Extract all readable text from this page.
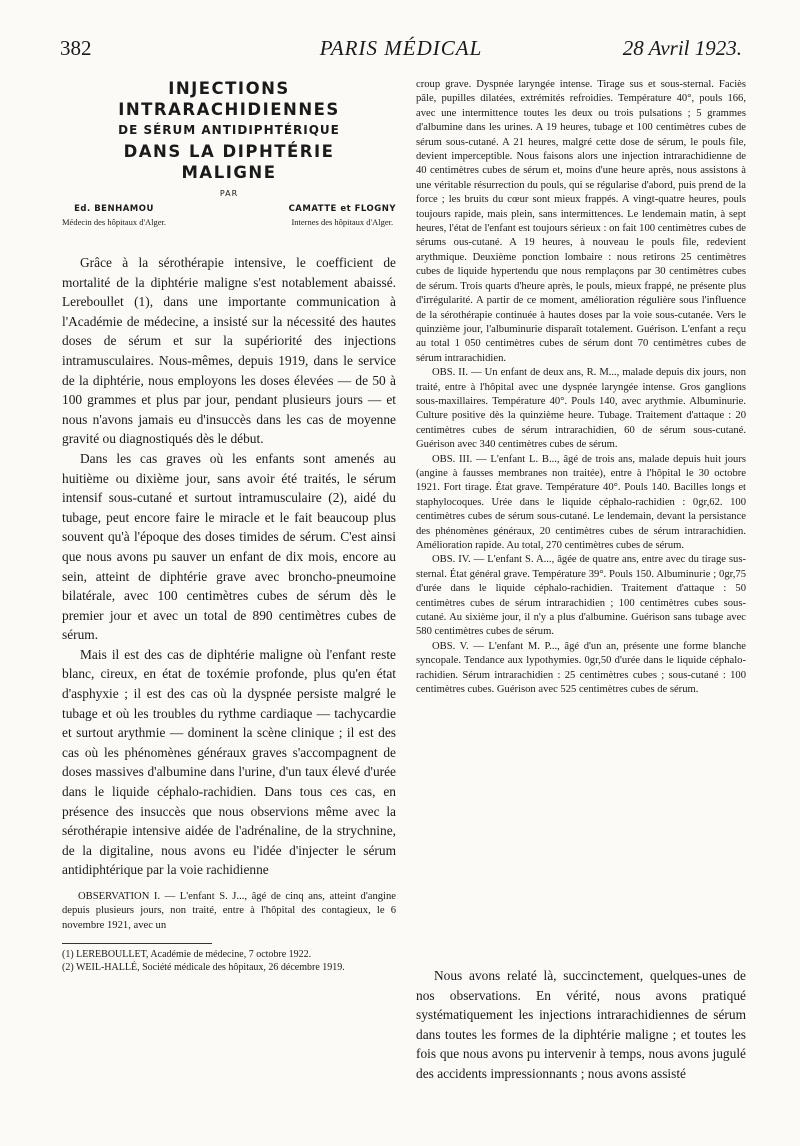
382	PARIS MÉDICAL	28 Avril 1923.
INJECTIONS
INTRARACHIDIENNES
DE SÉRUM ANTIDIPHTÉRIQUE
DANS LA DIPHTÉRIE
MALIGNE
PAR
Ed. BENHAMOU
Médecin des hôpitaux d'Alger.
CAMATTE et FLOGNY
Internes des hôpitaux d'Alger.

Grâce à la sérothérapie intensive, le coefficient de mortalité de la diphtérie maligne s'est notablement abaissé. Lereboullet (1), dans une importante communication à l'Académie de médecine, a insisté sur la nécessité des hautes doses de sérum et sur la supériorité des injections intramusculaires. Nous-mêmes, depuis 1919, dans le service de la diphtérie, nous employons les doses élevées — de 50 à 100 grammes et plus par jour, pendant plusieurs jours — et nous n'avons jamais eu d'insuccès dans les cas de moyenne gravité ou diagnostiqués dès le début.

Dans les cas graves où les enfants sont amenés au huitième ou dixième jour, sans avoir été traités, le sérum intensif sous-cutané et surtout intramusculaire (2), aidé du tubage, peut encore faire le miracle et le fait beaucoup plus souvent qu'à l'époque des doses timides de sérum. C'est ainsi que nous avons pu sauver un enfant de dix mois, encore au sein, atteint de diphtérie grave avec broncho-pneumoine bilatérale, avec 100 centimètres cubes de sérum dès le premier jour et avec un total de 890 centimètres cubes de sérum.

Mais il est des cas de diphtérie maligne où l'enfant reste blanc, cireux, en état de toxémie profonde, plus qu'en état d'asphyxie ; il est des cas où la dyspnée persiste malgré le tubage et où les troubles du rythme cardiaque — tachycardie et surtout arythmie — dominent la scène clinique ; il est des cas où les phénomènes généraux graves s'accompagnent de doses massives d'albumine dans l'urine, d'un taux élevé d'urée dans le liquide céphalo-rachidien. Dans tous ces cas, en présence des insuccès que nous observions même avec la sérothérapie intensive aidée de l'adrénaline, de la strychnine, de la digitaline, nous avons eu l'idée d'injecter le sérum antidiphtérique par la voie rachidienne

OBSERVATION I. — L'enfant S. J..., âgé de cinq ans, atteint d'angine depuis plusieurs jours, non traité, entre à l'hôpital des contagieux, le 6 novembre 1921, avec un

(1) LEREBOULLET, Académie de médecine, 7 octobre 1922.

(2) WEIL-HALLÉ, Société médicale des hôpitaux, 26 décembre 1919.

croup grave. Dyspnée laryngée intense. Tirage sus et sous-sternal. Faciès pâle, pupilles dilatées, extrémités refroidies. Température 40°, pouls 166, avec une intermittence toutes les deux ou trois pulsations ; 5 grammes d'albumine dans les urines. A 19 heures, tubage et 100 centimètres cubes de sérum sous-cutané. A 21 heures, malgré cette dose de sérum, le pouls file, devient imperceptible. Nous faisons alors une injection intrarachidienne de 40 centimètres cubes de sérum et, moins d'une heure après, nous assistons à une véritable résurrection du pouls, qui se régularise d'abord, puis prend de la force ; les bruits du cœur sont mieux frappés. A vingt-quatre heures, pouls toujours rapide, mais plein, sans intermittences. Le lendemain matin, à sept heures, l'état de l'enfant est toujours sérieux : on fait 100 centimètres cubes de sérums ous-cutané. A 19 heures, à nouveau le pouls file, redevient arythmique. Deuxième ponction lombaire : nous retirons 25 centimètres cubes de liquide hypertendu que nous remplaçons par 30 centimètres cubes de sérum. Trois quarts d'heure après, le pouls, mieux frappé, ne présente plus d'irrégularité. A partir de ce moment, amélioration régulière sous l'influence de la sérothérapie continuée à hautes doses par la voie sous-cutanée. Vers le quinzième jour, l'albuminurie disparaît totalement. Guérison. L'enfant a reçu au total 1 050 centimètres cubes de sérum dont 70 centimètres cubes de sérum intrarachidien.

OBS. II. — Un enfant de deux ans, R. M..., malade depuis dix jours, non traité, entre à l'hôpital avec une dyspnée laryngée intense. Gros ganglions sous-maxillaires. Température 40°. Pouls 140, avec arythmie. Albuminurie. Culture positive dès la quinzième heure. Tubage. Traitement d'attaque : 20 centimètres cubes de sérum intrarachidien, 60 de sérum sous-cutané. Guérison avec 340 centimètres cubes de sérum.

OBS. III. — L'enfant L. B..., âgé de trois ans, malade depuis huit jours (angine à fausses membranes non traitée), entre à l'hôpital le 30 octobre 1921. Fort tirage. État grave. Température 40°. Pouls 140. Bacilles longs et staphylocoques. Urée dans le liquide céphalo-rachidien : 0gr,62. 100 centimètres cubes de sérum sous-cutané. Le lendemain, devant la persistance des phénomènes généraux, 20 centimètres cubes de sérum intrarachidien. Amélioration rapide. Au total, 270 centimètres cubes de sérum.

OBS. IV. — L'enfant S. A..., âgée de quatre ans, entre avec du tirage sus-sternal. État général grave. Température 39°. Pouls 150. Albuminurie ; 0gr,75 d'urée dans le liquide céphalo-rachidien. Traitement d'attaque : 50 centimètres cubes de sérum intrarachidien ; 100 centimètres cubes sous-cutané. Au sixième jour, il n'y a plus d'albumine. Guérison sans tubage avec 580 centimètres cubes de sérum.

OBS. V. — L'enfant M. P..., âgé d'un an, présente une forme blanche syncopale. Tendance aux lypothymies. 0gr,50 d'urée dans le liquide céphalo-rachidien. Sérum intrarachidien : 25 centimètres cubes ; sous-cutané : 100 centimètres cubes. Guérison avec 525 centimètres cubes de sérum.

Nous avons relaté là, succinctement, quelques-unes de nos observations. En vérité, nous avons pratiqué systématiquement les injections intrarachidiennes de sérum dans toutes les formes de la diphtérie maligne ; et toutes les fois que nous avons pu intervenir à temps, nous avons jugulé des accidents impressionnants ; nous avons assisté
